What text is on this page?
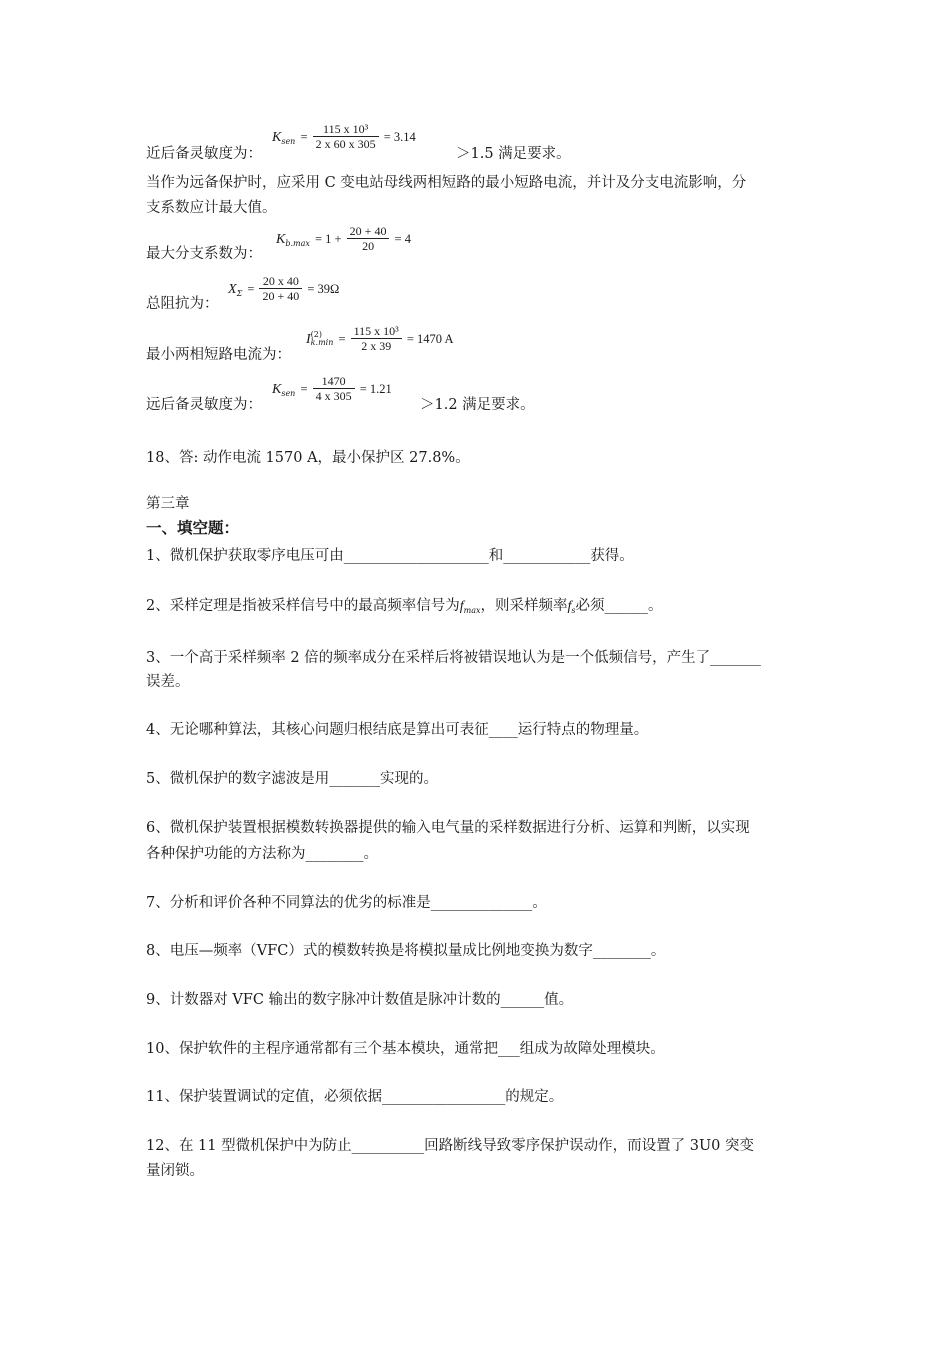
近后备灵敏度为：
$K_{sen} = \frac{\text{115 x 10³}}{2 x 60 x 305} = 3.14$
＞1.5 满足要求。
当作为远备保护时，应采用 C 变电站母线两相短路的最小短路电流，并计及分支电流影响，分
支系数应计最大值。
最大分支系数为：
$K_{b.max} = 1 + \frac{20 + 40}{20} = 4$
总阻抗为：
$X_\Sigma = \frac{20 x 40}{20 + 40} = 39\Omega$
最小两相短路电流为：
I (2)
$k.\min = \frac{\text{115 x 10³}}{2 x 39} = 1470$ A
远后备灵敏度为：
$K_{sen} = \frac{1470}{4 x 305} = 1.21$
＞1.2 满足要求。
18、答: 动作电流 1570 A，最小保护区 27.8%。
第三章
一、填空题：
1、微机保护获取零序电压可由____________________和____________获得。
2、采样定理是指被采样信号中的最高频率信号为$f_{max}$，则采样频率$f_s$必须______。
3、一个高于采样频率 2 倍的频率成分在采样后将被错误地认为是一个低频信号，产生了_______
误差。
4、无论哪种算法，其核心问题归根结底是算出可表征____运行特点的物理量。
5、微机保护的数字滤波是用_______实现的。
6、微机保护装置根据模数转换器提供的输入电气量的采样数据进行分析、运算和判断，以实现
各种保护功能的方法称为________。
7、分析和评价各种不同算法的优劣的标准是______________。
8、电压—频率（VFC）式的模数转换是将模拟量成比例地变换为数字________。
9、计数器对 VFC 输出的数字脉冲计数值是脉冲计数的______值。
10、保护软件的主程序通常都有三个基本模块，通常把___组成为故障处理模块。
11、保护装置调试的定值，必须依据_________________的规定。
12、在 11 型微机保护中为防止__________回路断线导致零序保护误动作，而设置了 3U0 突变
量闭锁。
